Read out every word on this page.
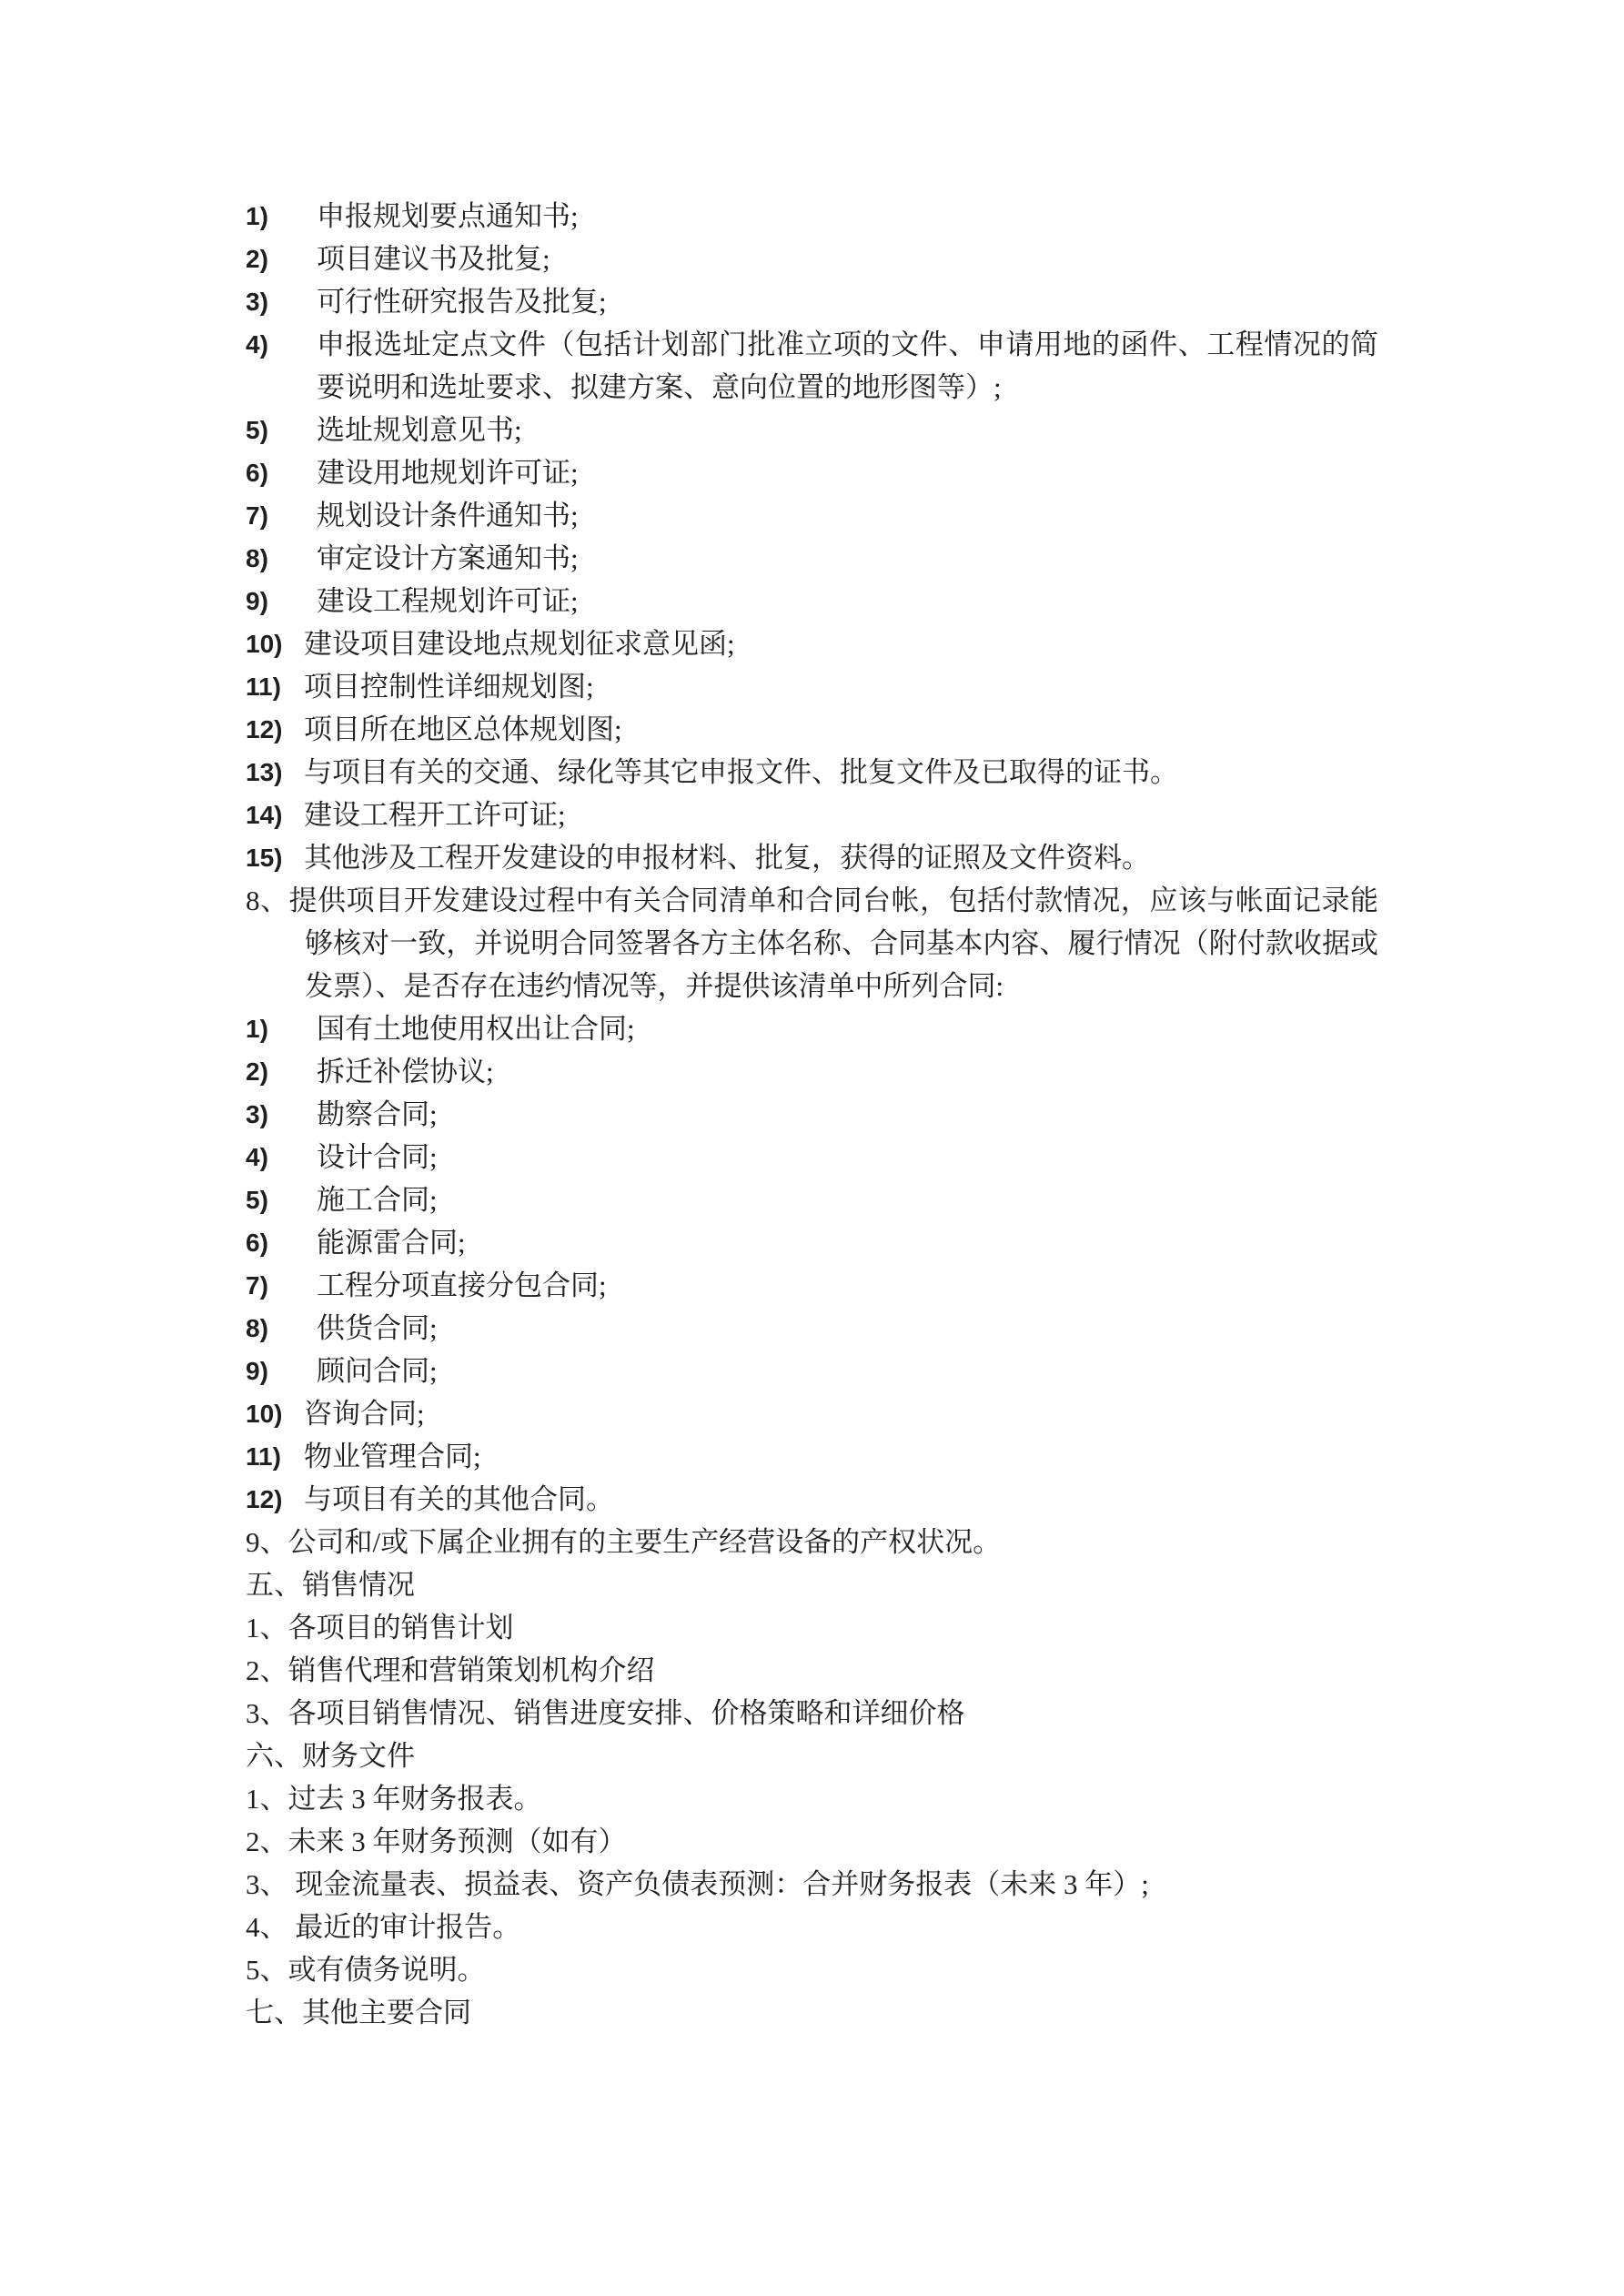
1) 申报规划要点通知书;
2) 项目建议书及批复;
3) 可行性研究报告及批复;
4) 申报选址定点文件（包括计划部门批准立项的文件、申请用地的函件、工程情况的简
要说明和选址要求、拟建方案、意向位置的地形图等）;
5) 选址规划意见书;
6) 建设用地规划许可证;
7) 规划设计条件通知书;
8) 审定设计方案通知书;
9) 建设工程规划许可证;
10) 建设项目建设地点规划征求意见函;
11) 项目控制性详细规划图;
12) 项目所在地区总体规划图;
13) 与项目有关的交通、绿化等其它申报文件、批复文件及已取得的证书。
14) 建设工程开工许可证;
15) 其他涉及工程开发建设的申报材料、批复，获得的证照及文件资料。
8、提供项目开发建设过程中有关合同清单和合同台帐，包括付款情况，应该与帐面记录能
够核对一致，并说明合同签署各方主体名称、合同基本内容、履行情况（附付款收据或
发票）、是否存在违约情况等，并提供该清单中所列合同:
1) 国有土地使用权出让合同;
2) 拆迁补偿协议;
3) 勘察合同;
4) 设计合同;
5) 施工合同;
6) 能源雷合同;
7) 工程分项直接分包合同;
8) 供货合同;
9) 顾问合同;
10) 咨询合同;
11) 物业管理合同;
12) 与项目有关的其他合同。
9、公司和/或下属企业拥有的主要生产经营设备的产权状况。
五、销售情况
1、各项目的销售计划
2、销售代理和营销策划机构介绍
3、各项目销售情况、销售进度安排、价格策略和详细价格
六、财务文件
1、过去 3 年财务报表。
2、未来 3 年财务预测（如有）
3、 现金流量表、损益表、资产负债表预测：合并财务报表（未来 3 年）;
4、 最近的审计报告。
5、或有债务说明。
七、其他主要合同
